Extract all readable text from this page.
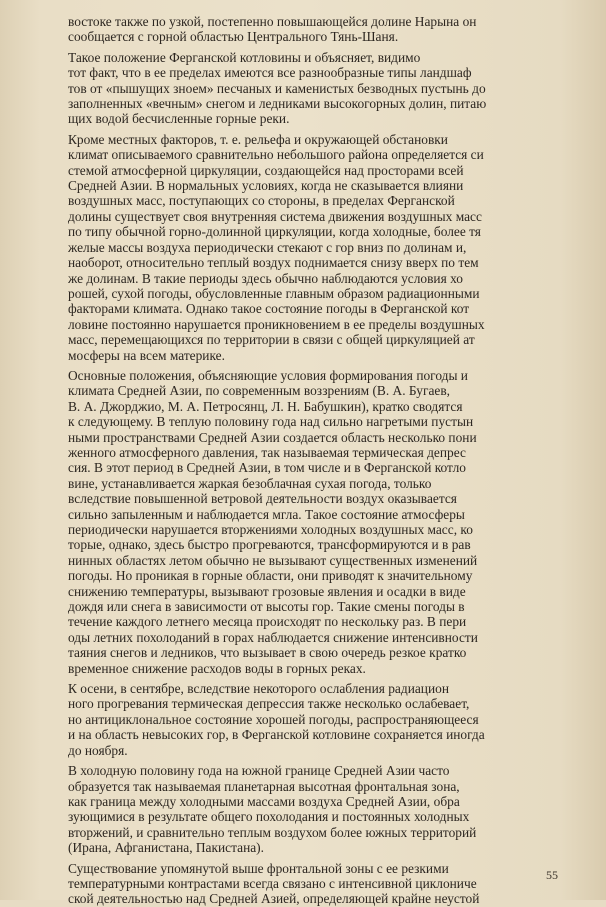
востоке также по узкой, постепенно повышающейся долине Нарына он
сообщается с горной областью Центрального Тянь-Шаня.

Такое положение Ферганской котловины и объясняет, видимо
тот факт, что в ее пределах имеются все разнообразные типы ландшаф
тов от «пышущих зноем» песчаных и каменистых безводных пустынь до
заполненных «вечным» снегом и ледниками высокогорных долин, питаю
щих водой бесчисленные горные реки.

Кроме местных факторов, т. е. рельефа и окружающей обстановки
климат описываемого сравнительно небольшого района определяется си
стемой атмосферной циркуляции, создающейся над просторами всей
Средней Азии. В нормальных условиях, когда не сказывается влияни
воздушных масс, поступающих со стороны, в пределах Ферганской
долины существует своя внутренняя система движения воздушных масс
по типу обычной горно-долинной циркуляции, когда холодные, более тя
желые массы воздуха периодически стекают с гор вниз по долинам и,
наоборот, относительно теплый воздух поднимается снизу вверх по тем
же долинам. В такие периоды здесь обычно наблюдаются условия хо
рошей, сухой погоды, обусловленные главным образом радиационными
факторами климата. Однако такое состояние погоды в Ферганской кот
ловине постоянно нарушается проникновением в ее пределы воздушных
масс, перемещающихся по территории в связи с общей циркуляцией ат
мосферы на всем материке.

Основные положения, объясняющие условия формирования погоды и
климата Средней Азии, по современным воззрениям (В. А. Бугаев,
В. А. Джорджио, М. А. Петросянц, Л. Н. Бабушкин), кратко сводятся
к следующему. В теплую половину года над сильно нагретыми пустын
ными пространствами Средней Азии создается область несколько пони
женного атмосферного давления, так называемая термическая депрес
сия. В этот период в Средней Азии, в том числе и в Ферганской котло
вине, устанавливается жаркая безоблачная сухая погода, только
вследствие повышенной ветровой деятельности воздух оказывается
сильно запыленным и наблюдается мгла. Такое состояние атмосферы
периодически нарушается вторжениями холодных воздушных масс, ко
торые, однако, здесь быстро прогреваются, трансформируются и в рав
нинных областях летом обычно не вызывают существенных изменений
погоды. Но проникая в горные области, они приводят к значительному
снижению температуры, вызывают грозовые явления и осадки в виде
дождя или снега в зависимости от высоты гор. Такие смены погоды в
течение каждого летнего месяца происходят по нескольку раз. В пери
оды летних похолоданий в горах наблюдается снижение интенсивности
таяния снегов и ледников, что вызывает в свою очередь резкое кратко
временное снижение расходов воды в горных реках.

К осени, в сентябре, вследствие некоторого ослабления радиацион
ного прогревания термическая депрессия также несколько ослабевает,
но антициклональное состояние хорошей погоды, распространяющееся
и на область невысоких гор, в Ферганской котловине сохраняется иногда
до ноября.

В холодную половину года на южной границе Средней Азии часто
образуется так называемая планетарная высотная фронтальная зона,
как граница между холодными массами воздуха Средней Азии, обра
зующимися в результате общего похолодания и постоянных холодных
вторжений, и сравнительно теплым воздухом более южных территорий
(Ирана, Афганистана, Пакистана).

Существование упомянутой выше фронтальной зоны с ее резкими
температурными контрастами всегда связано с интенсивной циклониче
ской деятельностью над Средней Азией, определяющей крайне неустой

55
